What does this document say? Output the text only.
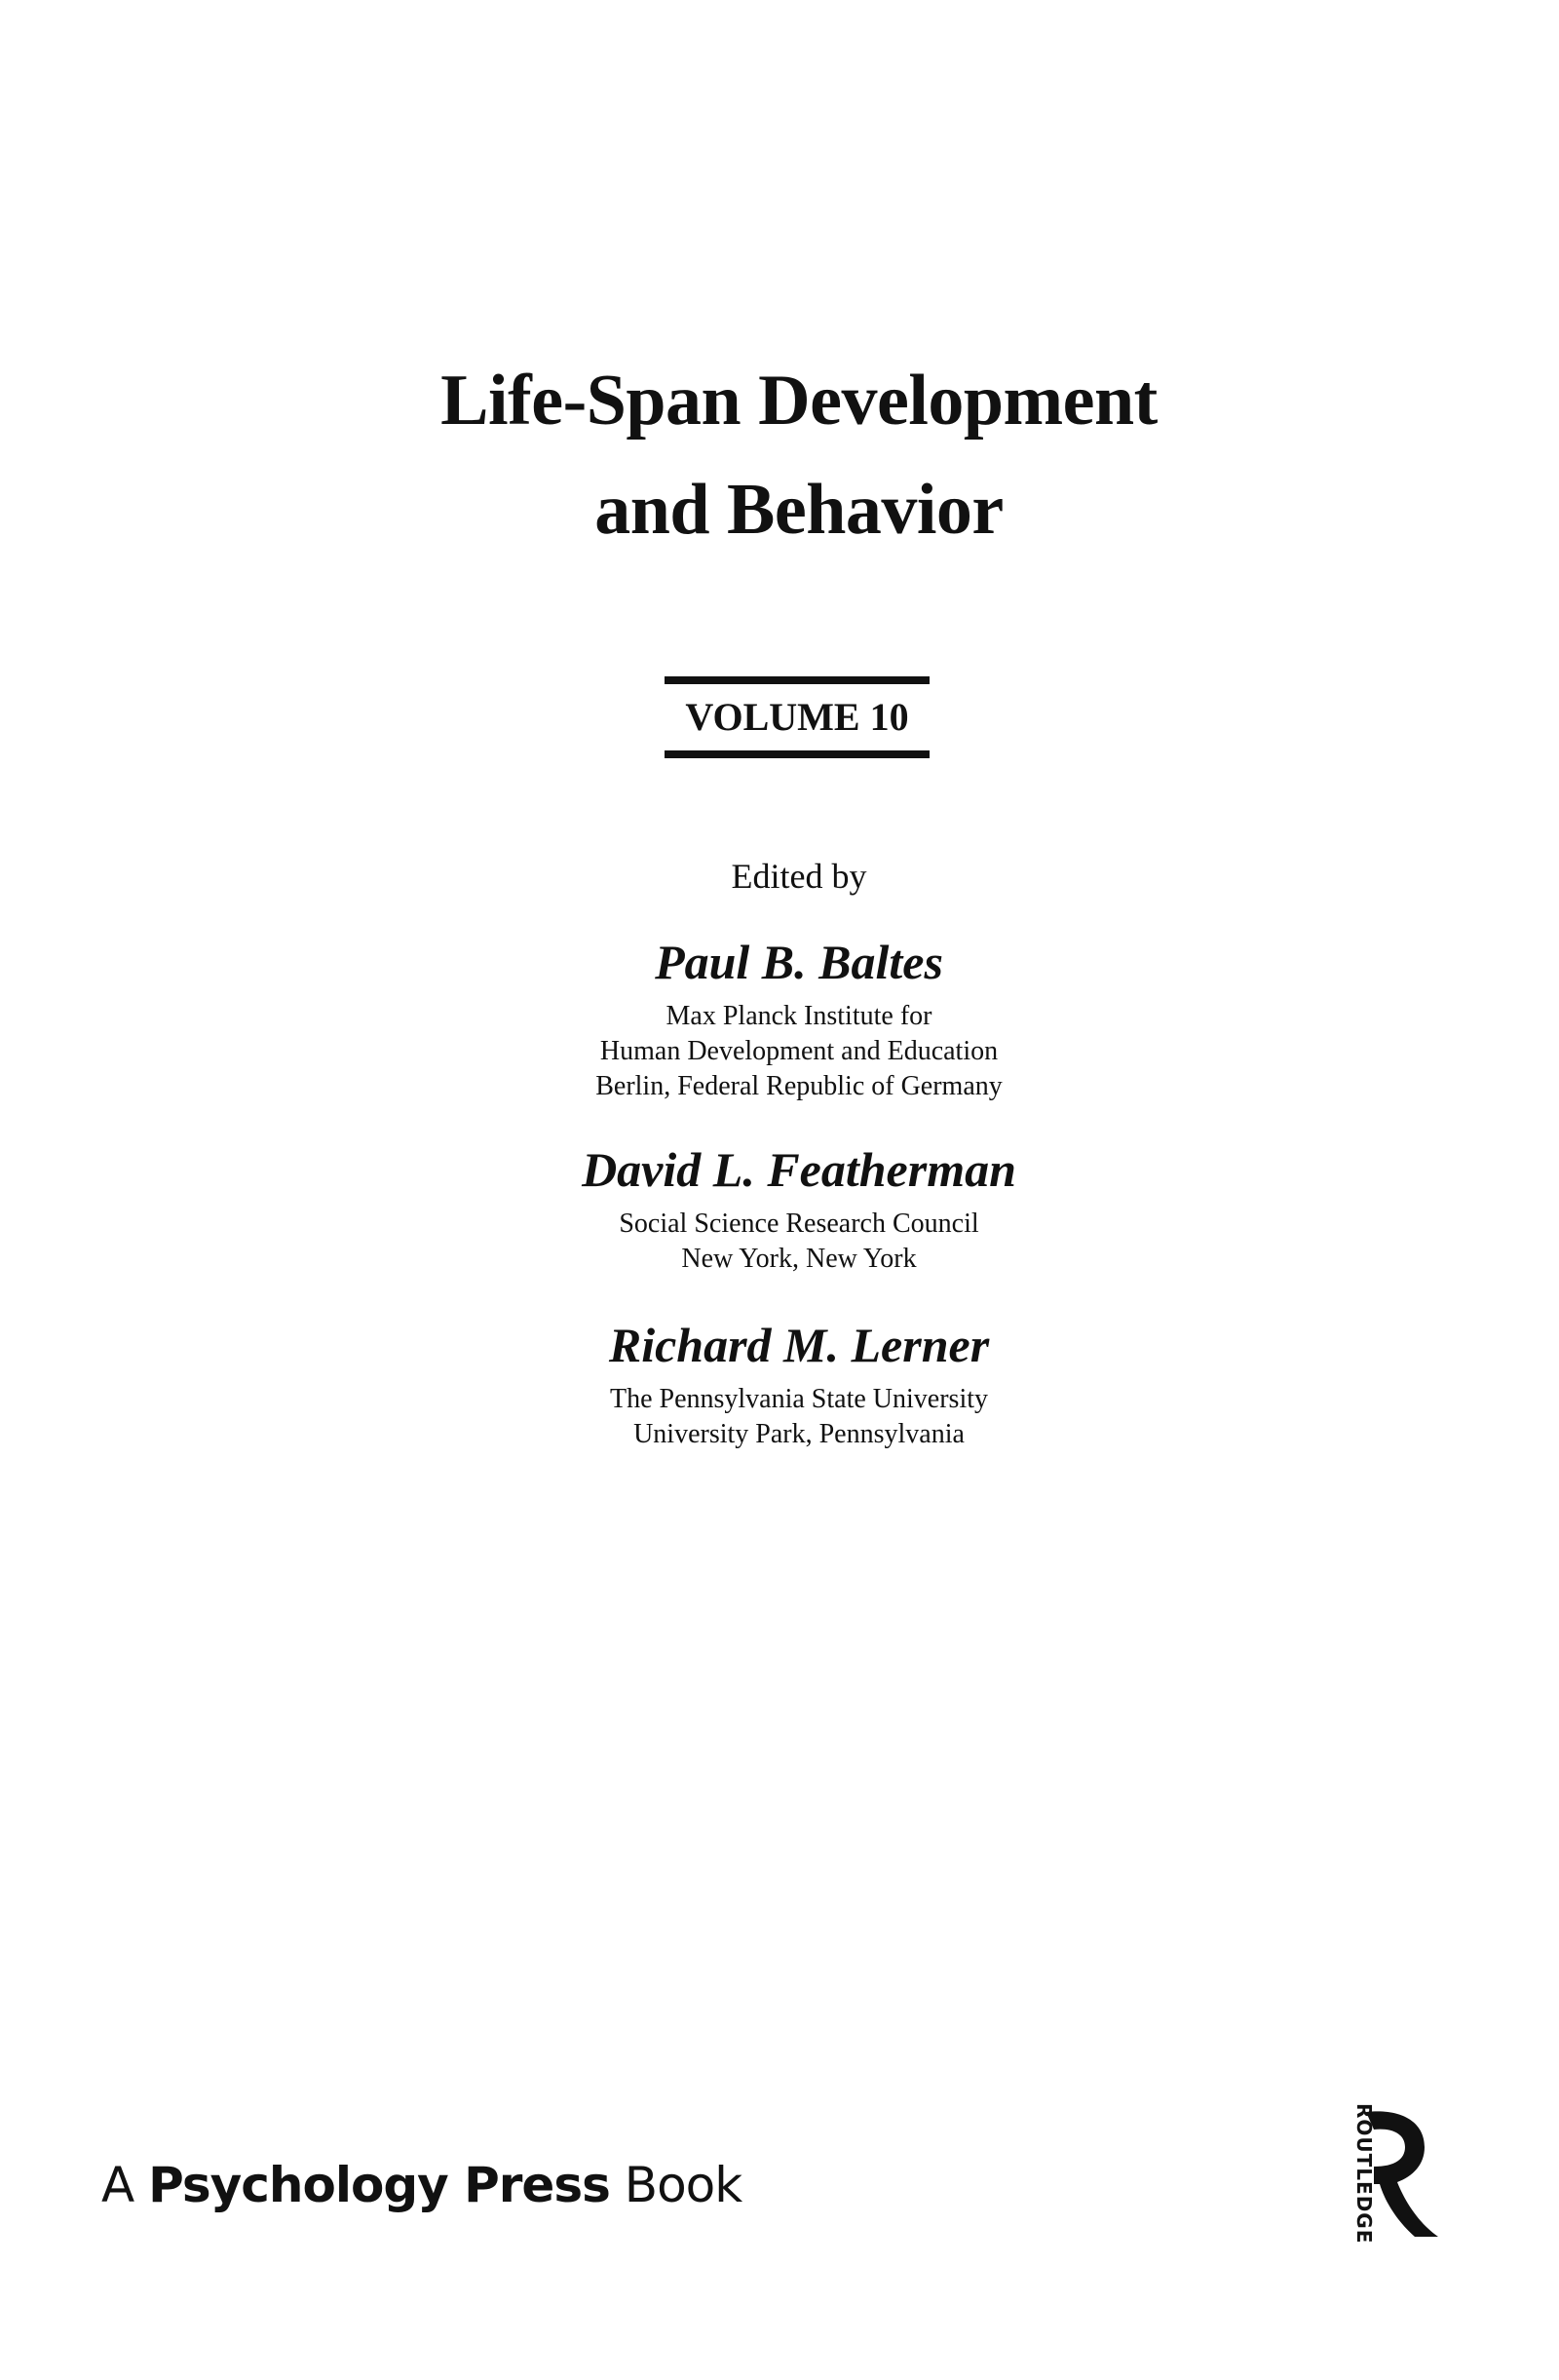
Life-Span Development
and Behavior
VOLUME 10
Edited by
Paul B. Baltes
Max Planck Institute for
Human Development and Education
Berlin, Federal Republic of Germany
David L. Featherman
Social Science Research Council
New York, New York
Richard M. Lerner
The Pennsylvania State University
University Park, Pennsylvania
A Psychology Press Book	ROUTLEDGE
